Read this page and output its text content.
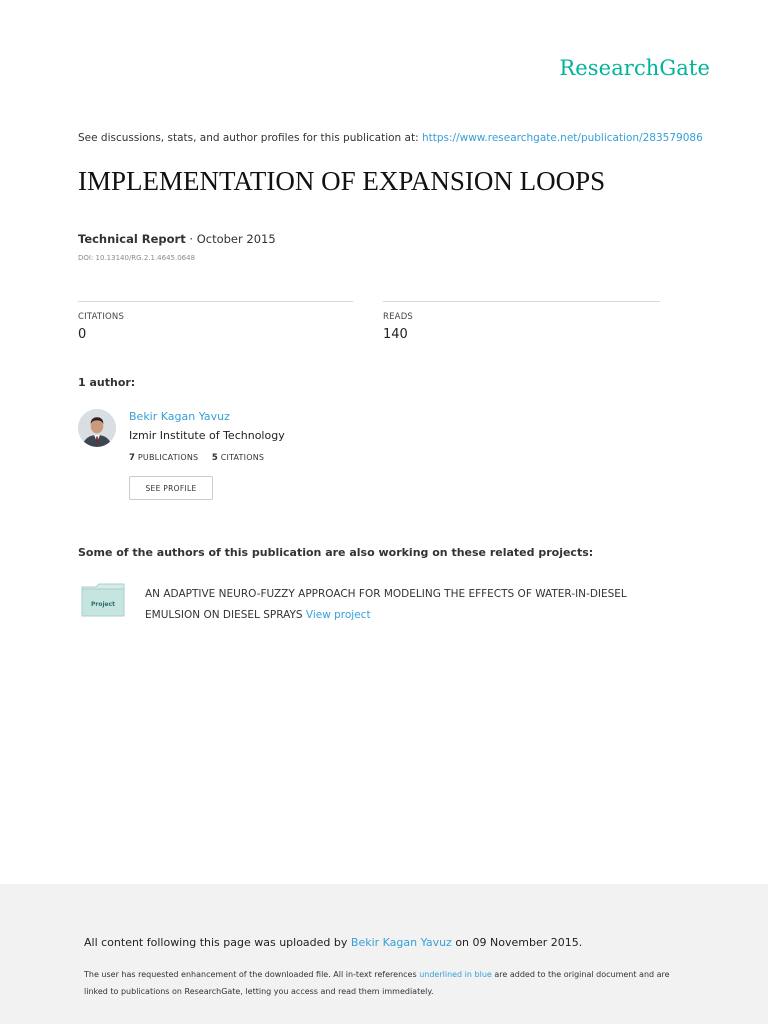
ResearchGate
See discussions, stats, and author profiles for this publication at: https://www.researchgate.net/publication/283579086
IMPLEMENTATION OF EXPANSION LOOPS
Technical Report · October 2015
DOI: 10.13140/RG.2.1.4645.0648
CITATIONS
0
READS
140
1 author:
Bekir Kagan Yavuz
Izmir Institute of Technology
7 PUBLICATIONS 5 CITATIONS
SEE PROFILE
Some of the authors of this publication are also working on these related projects:
Project
AN ADAPTIVE NEURO-FUZZY APPROACH FOR MODELING THE EFFECTS OF WATER-IN-DIESEL EMULSION ON DIESEL SPRAYS View project
All content following this page was uploaded by Bekir Kagan Yavuz on 09 November 2015.
The user has requested enhancement of the downloaded file. All in-text references underlined in blue are added to the original document and are linked to publications on ResearchGate, letting you access and read them immediately.
